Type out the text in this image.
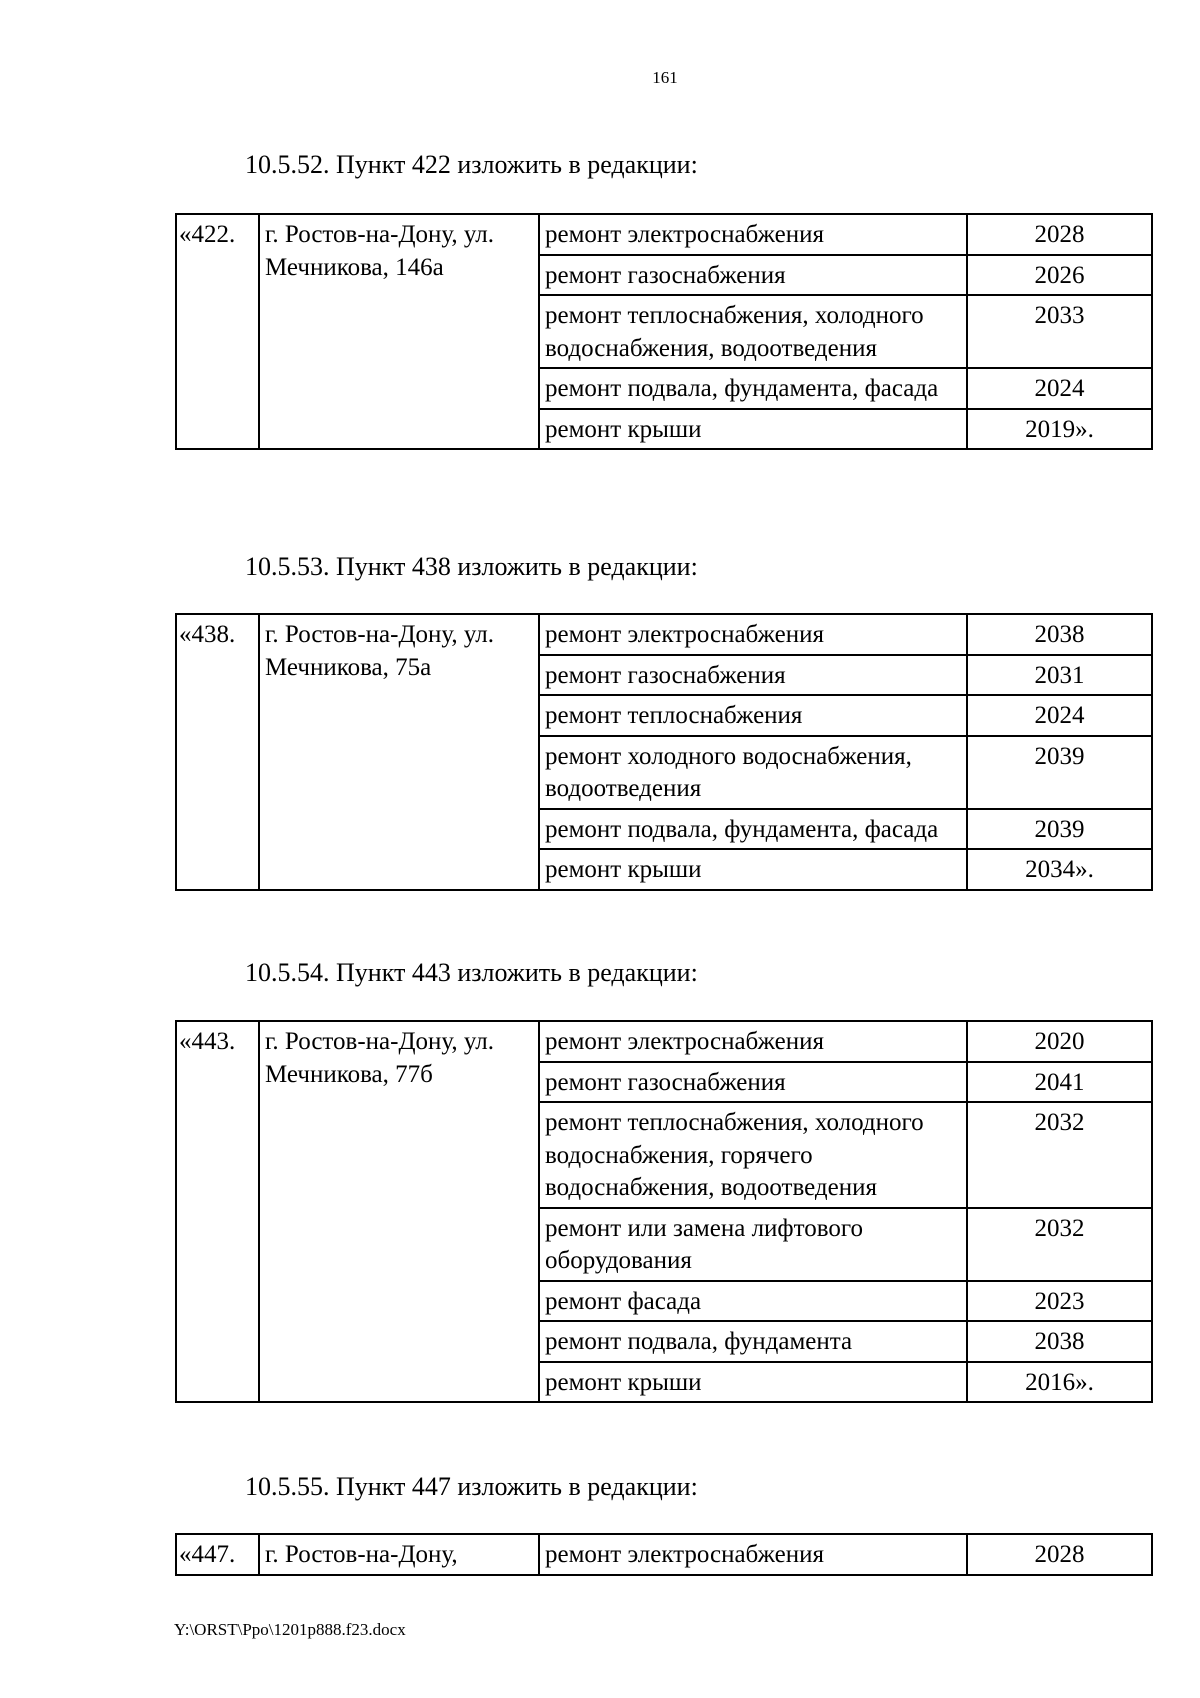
161
10.5.52. Пункт 422 изложить в редакции:
«422.	г. Ростов-на-Дону, ул. Мечникова, 146а	ремонт электроснабжения	2028
		ремонт газоснабжения	2026
		ремонт теплоснабжения, холодного водоснабжения, водоотведения	2033
		ремонт подвала, фундамента, фасада	2024
		ремонт крыши	2019».
10.5.53. Пункт 438 изложить в редакции:
«438.	г. Ростов-на-Дону, ул. Мечникова, 75а	ремонт электроснабжения	2038
		ремонт газоснабжения	2031
		ремонт теплоснабжения	2024
		ремонт холодного водоснабжения, водоотведения	2039
		ремонт подвала, фундамента, фасада	2039
		ремонт крыши	2034».
10.5.54. Пункт 443 изложить в редакции:
«443.	г. Ростов-на-Дону, ул. Мечникова, 77б	ремонт электроснабжения	2020
		ремонт газоснабжения	2041
		ремонт теплоснабжения, холодного водоснабжения, горячего водоснабжения, водоотведения	2032
		ремонт или замена лифтового оборудования	2032
		ремонт фасада	2023
		ремонт подвала, фундамента	2038
		ремонт крыши	2016».
10.5.55. Пункт 447 изложить в редакции:
«447.	г. Ростов-на-Дону,	ремонт электроснабжения	2028
Y:\ORST\Ppo\1201p888.f23.docx
